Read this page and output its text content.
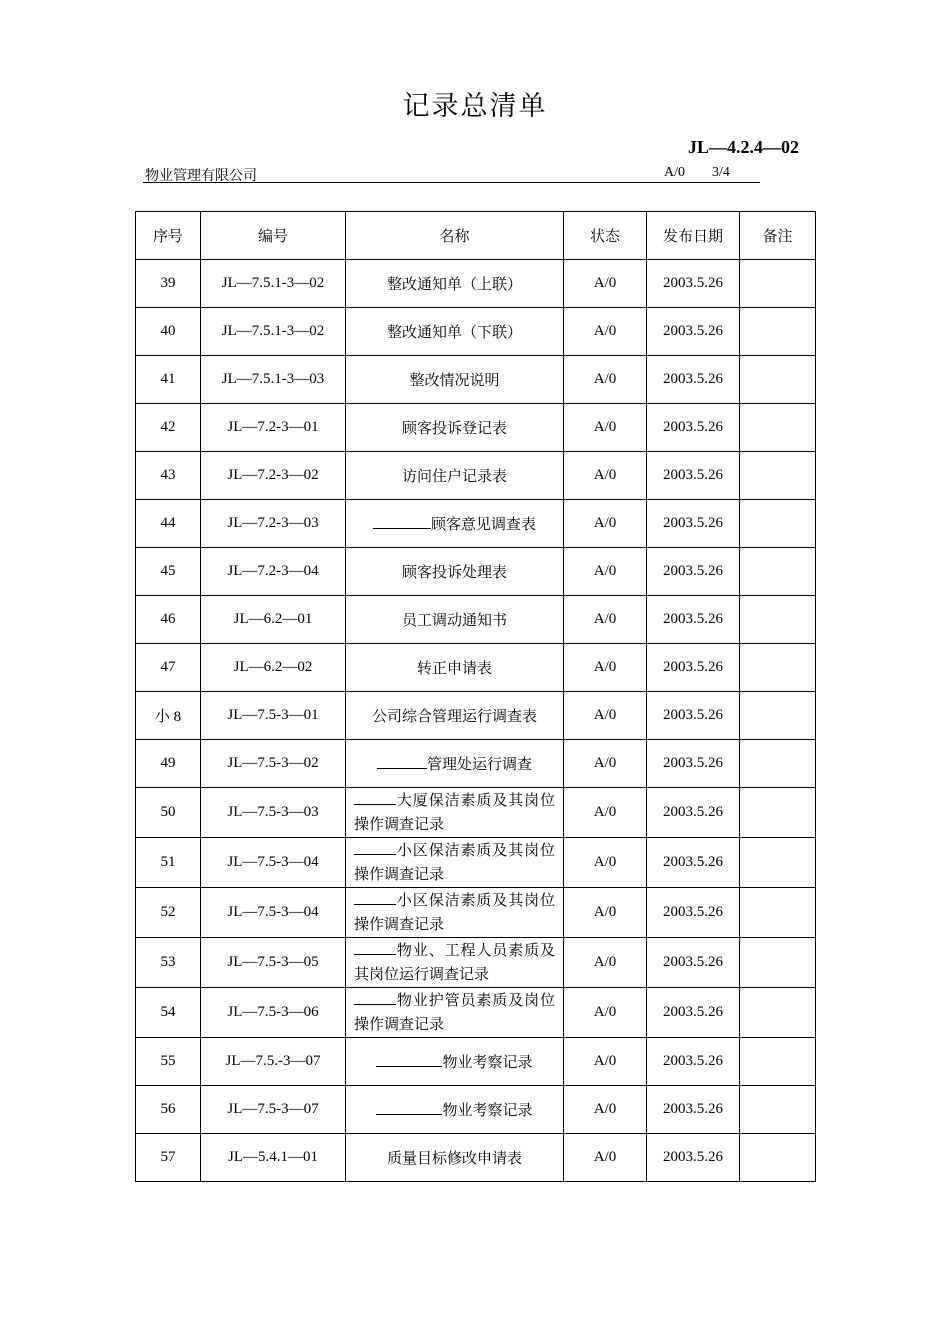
记录总清单
JL—4.2.4—02
物业管理有限公司	A/0 3/4
序号	编号	名称	状态	发布日期	备注
39	JL—7.5.1-3—02	整改通知单（上联）	A/0	2003.5.26	
40	JL—7.5.1-3—02	整改通知单（下联）	A/0	2003.5.26	
41	JL—7.5.1-3—03	整改情况说明	A/0	2003.5.26	
42	JL—7.2-3—01	顾客投诉登记表	A/0	2003.5.26	
43	JL—7.2-3—02	访问住户记录表	A/0	2003.5.26	
44	JL—7.2-3—03	顾客意见调查表	A/0	2003.5.26	
45	JL—7.2-3—04	顾客投诉处理表	A/0	2003.5.26	
46	JL—6.2—01	员工调动通知书	A/0	2003.5.26	
47	JL—6.2—02	转正申请表	A/0	2003.5.26	
小 8	JL—7.5-3—01	公司综合管理运行调查表	A/0	2003.5.26	
49	JL—7.5-3—02	管理处运行调查	A/0	2003.5.26	
50	JL—7.5-3—03	大厦保洁素质及其岗位操作调查记录	A/0	2003.5.26	
51	JL—7.5-3—04	小区保洁素质及其岗位操作调查记录	A/0	2003.5.26	
52	JL—7.5-3—04	小区保洁素质及其岗位操作调查记录	A/0	2003.5.26	
53	JL—7.5-3—05	物业、工程人员素质及其岗位运行调查记录	A/0	2003.5.26	
54	JL—7.5-3—06	物业护管员素质及岗位操作调查记录	A/0	2003.5.26	
55	JL—7.5.-3—07	物业考察记录	A/0	2003.5.26	
56	JL—7.5-3—07	物业考察记录	A/0	2003.5.26	
57	JL—5.4.1—01	质量目标修改申请表	A/0	2003.5.26	
